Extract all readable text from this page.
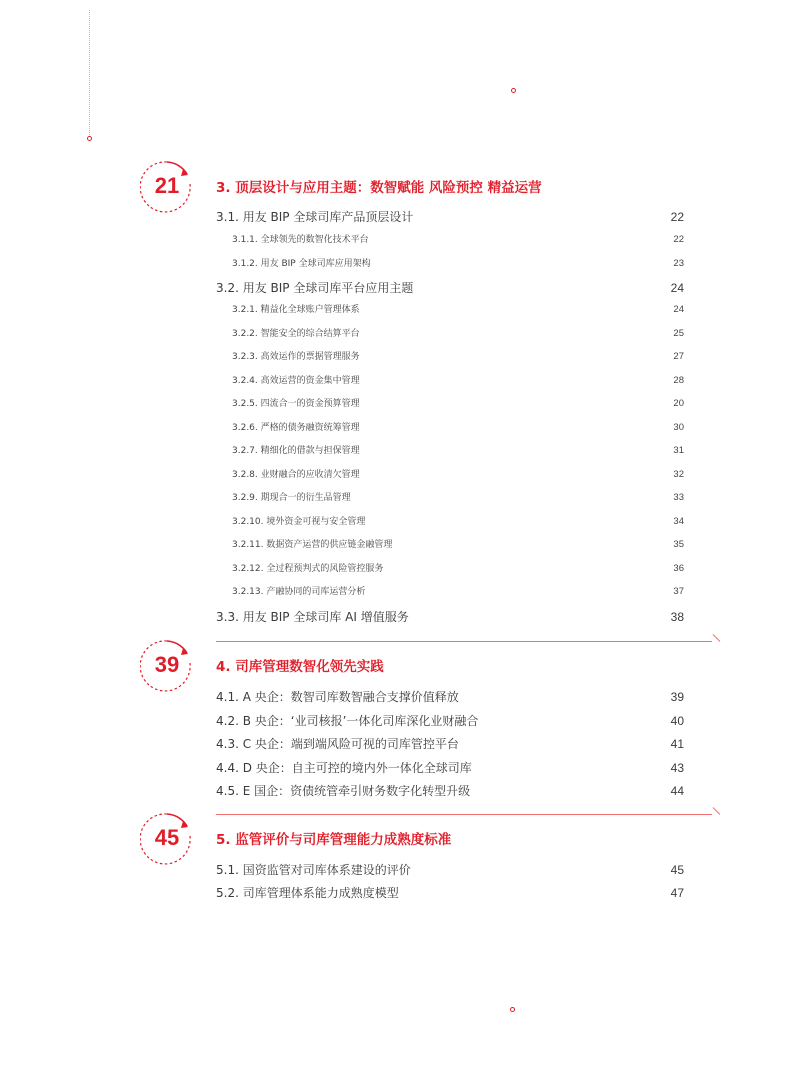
21	3. 顶层设计与应用主题：数智赋能 风险预控 精益运营
3.1. 用友 BIP 全球司库产品顶层设计	22
3.1.1. 全球领先的数智化技术平台	22
3.1.2. 用友 BIP 全球司库应用架构	23
3.2. 用友 BIP 全球司库平台应用主题	24
3.2.1. 精益化全球账户管理体系	24
3.2.2. 智能安全的综合结算平台	25
3.2.3. 高效运作的票据管理服务	27
3.2.4. 高效运营的资金集中管理	28
3.2.5. 四流合一的资金预算管理	20
3.2.6. 严格的债务融资统筹管理	30
3.2.7. 精细化的借款与担保管理	31
3.2.8. 业财融合的应收清欠管理	32
3.2.9. 期现合一的衍生品管理	33
3.2.10. 境外资金可视与安全管理	34
3.2.11. 数据资产运营的供应链金融管理	35
3.2.12. 全过程预判式的风险管控服务	36
3.2.13. 产融协同的司库运营分析	37
3.3. 用友 BIP 全球司库 AI 增值服务	38
39	4. 司库管理数智化领先实践
4.1. A 央企：数智司库数智融合支撑价值释放	39
4.2. B 央企：‘业司核报’一体化司库深化业财融合	40
4.3. C 央企：端到端风险可视的司库管控平台	41
4.4. D 央企：自主可控的境内外一体化全球司库	43
4.5. E 国企：资债统管牵引财务数字化转型升级	44
45	5. 监管评价与司库管理能力成熟度标准
5.1. 国资监管对司库体系建设的评价	45
5.2. 司库管理体系能力成熟度模型	47
